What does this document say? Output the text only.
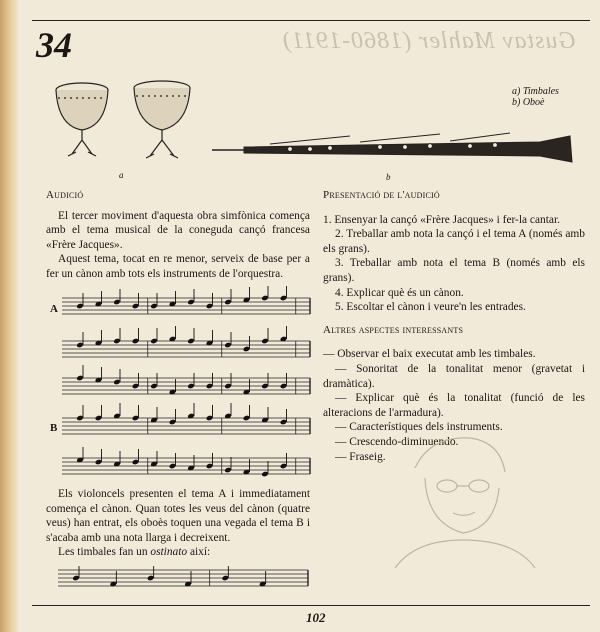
34	Gustav Mahler (1860-1911)
a	b
a) Timbales
b) Oboè

Audició

El tercer moviment d'aquesta obra simfònica comença amb el tema musical de la coneguda cançó francesa «Frère Jacques».

Aquest tema, tocat en re menor, serveix de base per a fer un cànon amb tots els instruments de l'orquestra.

A
B

Els violoncels presenten el tema A i immediatament comença el cànon. Quan totes les veus del cànon (quatre veus) han entrat, els oboès toquen una vegada el tema B i s'acaba amb una nota llarga i decreixent.

Les timbales fan un ostinato així:

Presentació de l'audició

1. Ensenyar la cançó «Frère Jacques» i fer-la cantar.

2. Treballar amb nota la cançó i el tema A (només amb els grans).

3. Treballar amb nota el tema B (només amb els grans).

4. Explicar què és un cànon.

5. Escoltar el cànon i veure'n les entrades.

Altres aspectes interessants

— Observar el baix executat amb les timbales.

— Sonoritat de la tonalitat menor (gravetat i dramàtica).

— Explicar què és la tonalitat (funció de les alteracions de l'armadura).

— Característiques dels instruments.

— Crescendo-diminuendo.

— Fraseig.

102
